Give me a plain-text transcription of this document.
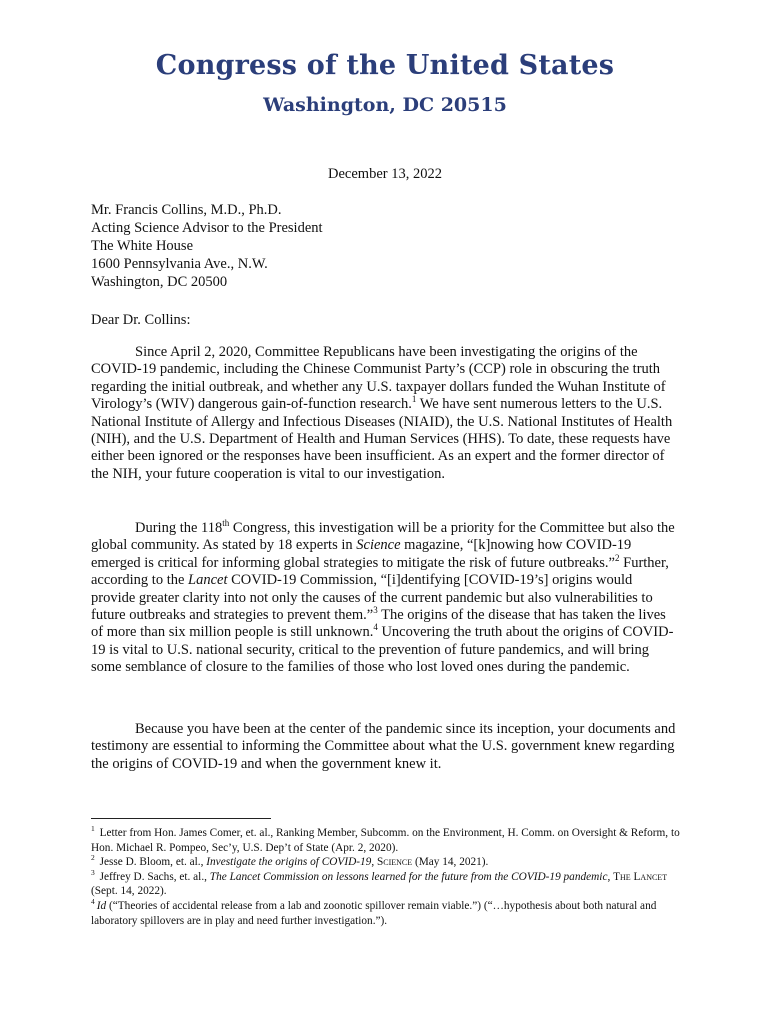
Congress of the United States
Washington, DC 20515
December 13, 2022
Mr. Francis Collins, M.D., Ph.D.
Acting Science Advisor to the President
The White House
1600 Pennsylvania Ave., N.W.
Washington, DC 20500
Dear Dr. Collins:

Since April 2, 2020, Committee Republicans have been investigating the origins of the COVID-19 pandemic, including the Chinese Communist Party’s (CCP) role in obscuring the truth regarding the initial outbreak, and whether any U.S. taxpayer dollars funded the Wuhan Institute of Virology’s (WIV) dangerous gain-of-function research.$^1$ We have sent numerous letters to the U.S. National Institute of Allergy and Infectious Diseases (NIAID), the U.S. National Institutes of Health (NIH), and the U.S. Department of Health and Human Services (HHS). To date, these requests have either been ignored or the responses have been insufficient. As an expert and the former director of the NIH, your future cooperation is vital to our investigation.

During the 118th Congress, this investigation will be a priority for the Committee but also the global community. As stated by 18 experts in Science magazine, “[k]nowing how COVID-19 emerged is critical for informing global strategies to mitigate the risk of future outbreaks.”$^2$ Further, according to the Lancet COVID-19 Commission, “[i]dentifying [COVID-19’s] origins would provide greater clarity into not only the causes of the current pandemic but also vulnerabilities to future outbreaks and strategies to prevent them.”$^3$ The origins of the disease that has taken the lives of more than six million people is still unknown.$^4$ Uncovering the truth about the origins of COVID-19 is vital to U.S. national security, critical to the prevention of future pandemics, and will bring some semblance of closure to the families of those who lost loved ones during the pandemic.

Because you have been at the center of the pandemic since its inception, your documents and testimony are essential to informing the Committee about what the U.S. government knew regarding the origins of COVID-19 and when the government knew it.

$^1$ Letter from Hon. James Comer, et. al., Ranking Member, Subcomm. on the Environment, H. Comm. on Oversight & Reform, to Hon. Michael R. Pompeo, Sec’y, U.S. Dep’t of State (Apr. 2, 2020).
$^2$ Jesse D. Bloom, et. al., Investigate the origins of COVID-19, Science (May 14, 2021).
$^3$ Jeffrey D. Sachs, et. al., The Lancet Commission on lessons learned for the future from the COVID-19 pandemic, The Lancet (Sept. 14, 2022).
$^4$ Id (“Theories of accidental release from a lab and zoonotic spillover remain viable.”) (“…hypothesis about both natural and laboratory spillovers are in play and need further investigation.”).
